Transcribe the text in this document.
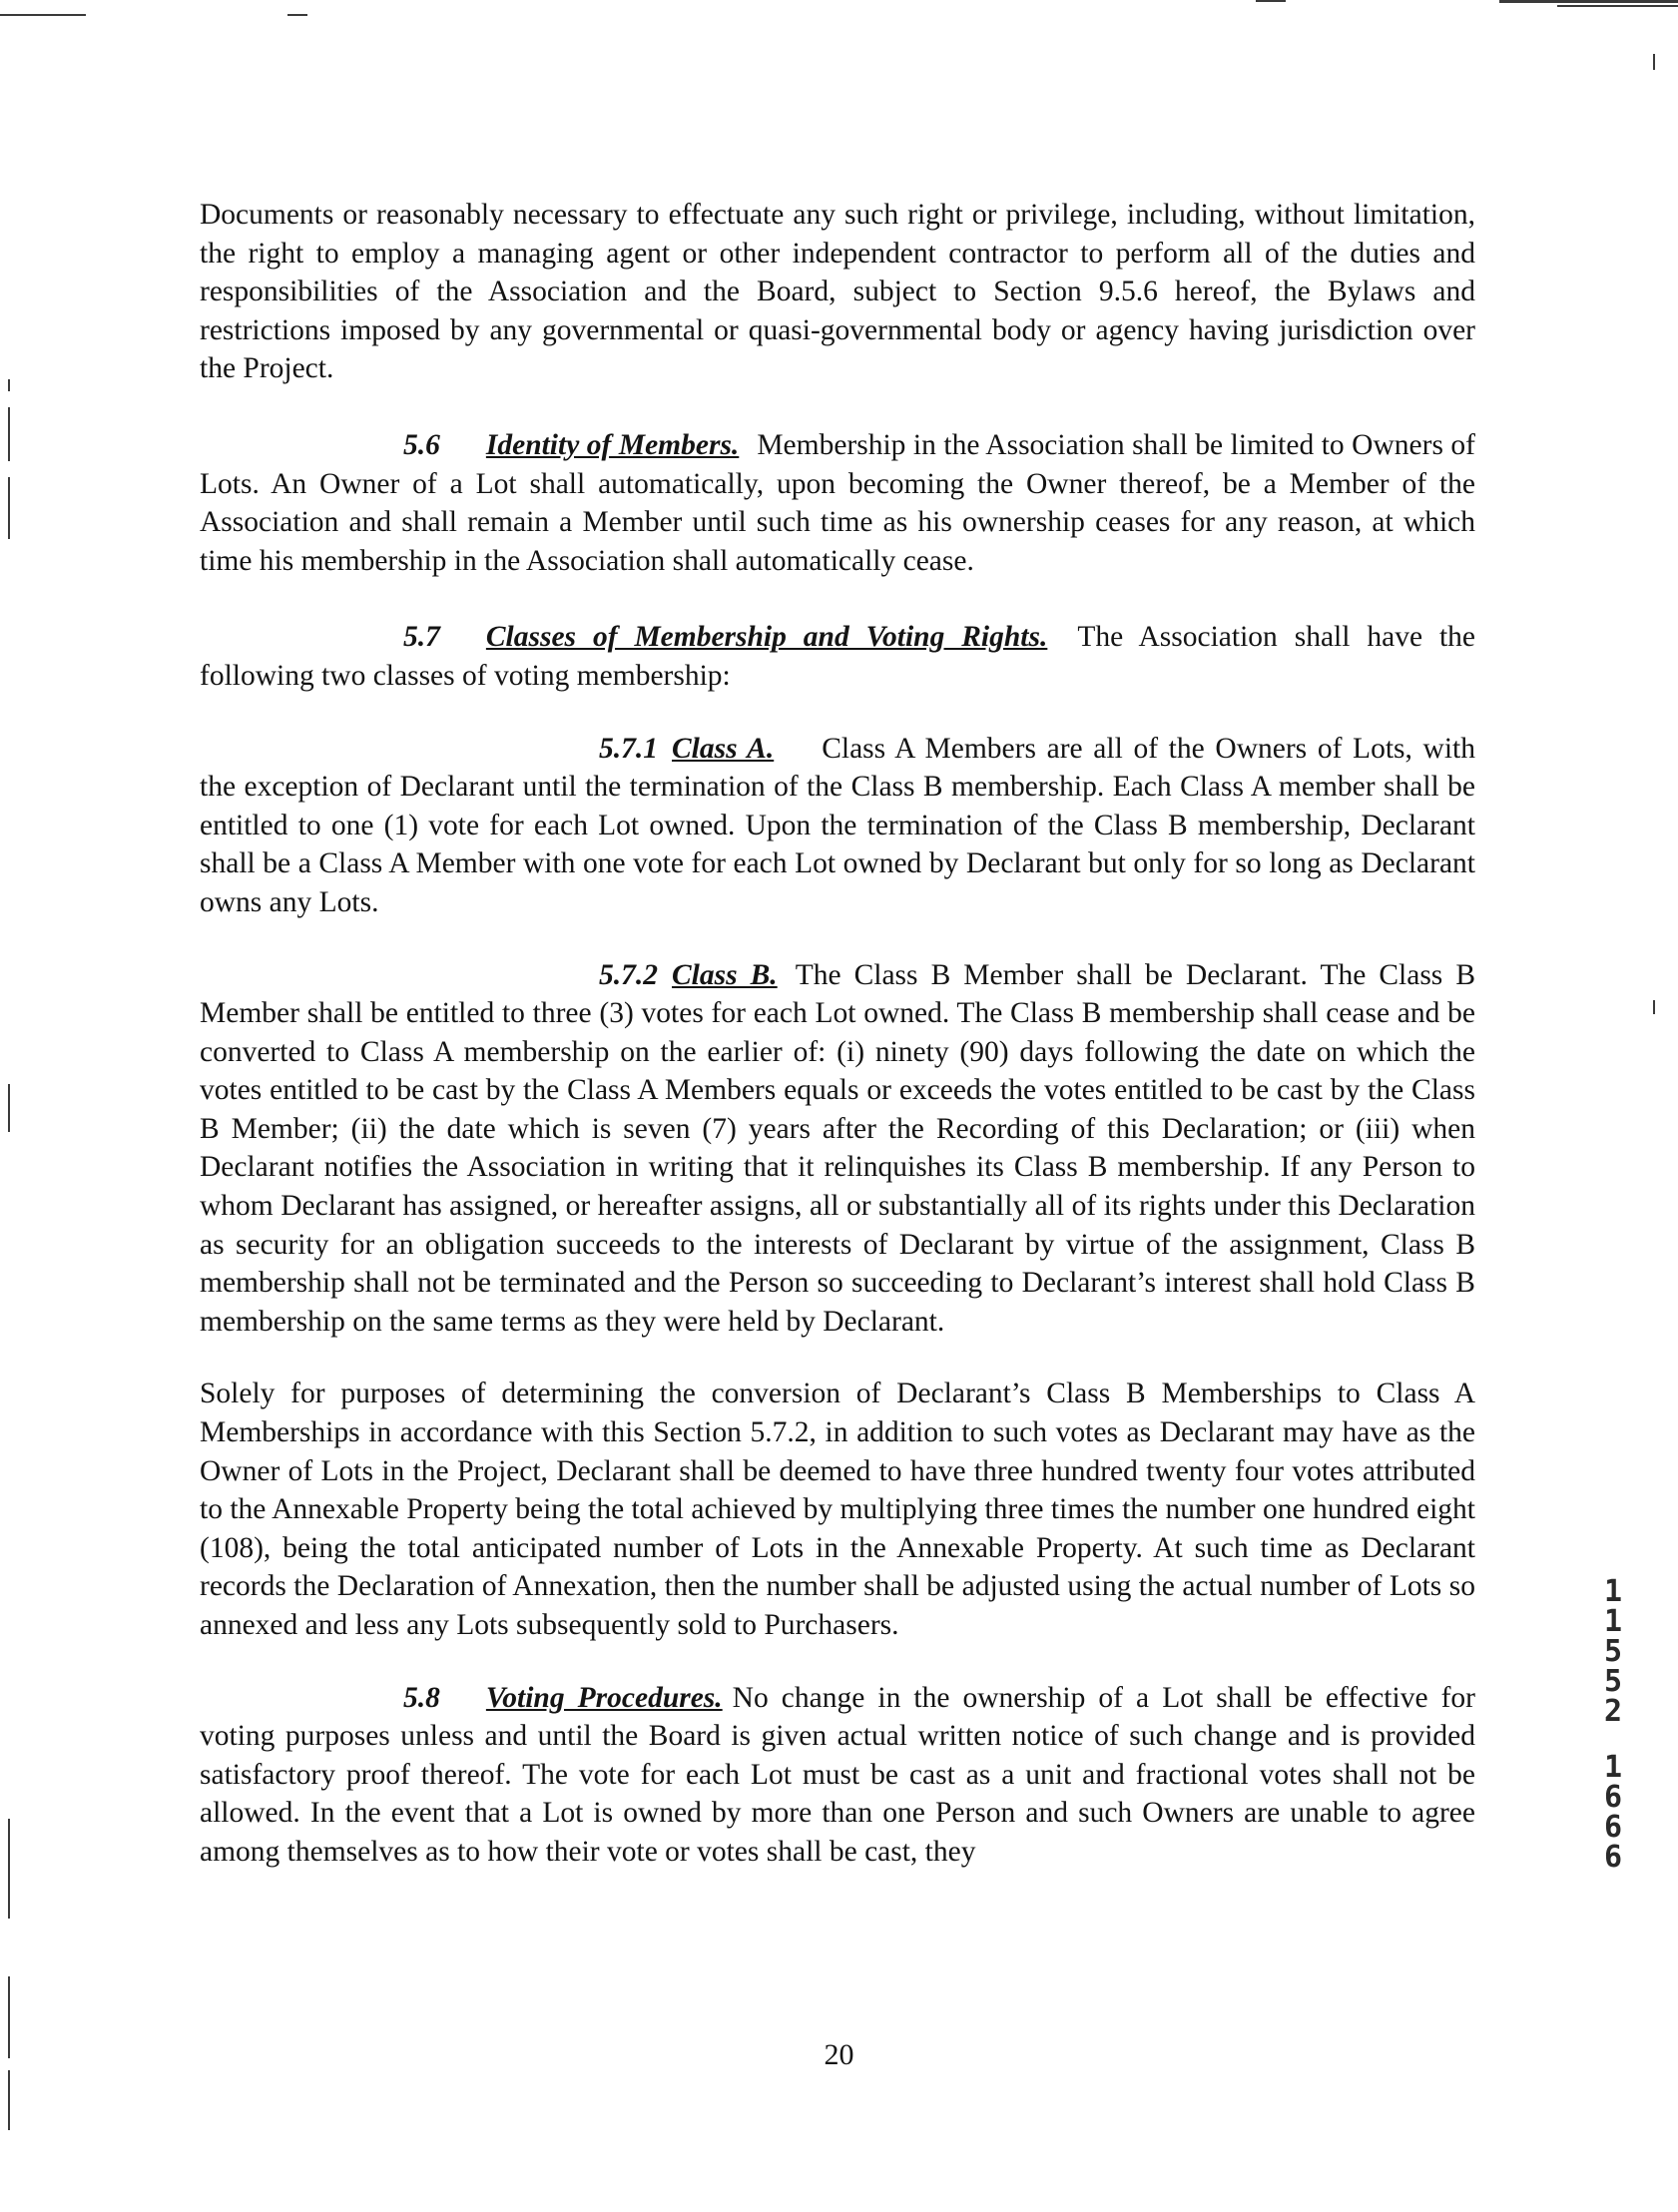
Documents or reasonably necessary to effectuate any such right or privilege, including, without limitation, the right to employ a managing agent or other independent contractor to perform all of the duties and responsibilities of the Association and the Board, subject to Section 9.5.6 hereof, the Bylaws and restrictions imposed by any governmental or quasi-governmental body or agency having jurisdiction over the Project.

5.6 Identity of Members. Membership in the Association shall be limited to Owners of Lots. An Owner of a Lot shall automatically, upon becoming the Owner thereof, be a Member of the Association and shall remain a Member until such time as his ownership ceases for any reason, at which time his membership in the Association shall automatically cease.

5.7 Classes of Membership and Voting Rights. The Association shall have the following two classes of voting membership:

5.7.1 Class A. Class A Members are all of the Owners of Lots, with the exception of Declarant until the termination of the Class B membership. Each Class A member shall be entitled to one (1) vote for each Lot owned. Upon the termination of the Class B membership, Declarant shall be a Class A Member with one vote for each Lot owned by Declarant but only for so long as Declarant owns any Lots.

5.7.2 Class B. The Class B Member shall be Declarant. The Class B Member shall be entitled to three (3) votes for each Lot owned. The Class B membership shall cease and be converted to Class A membership on the earlier of: (i) ninety (90) days following the date on which the votes entitled to be cast by the Class A Members equals or exceeds the votes entitled to be cast by the Class B Member; (ii) the date which is seven (7) years after the Recording of this Declaration; or (iii) when Declarant notifies the Association in writing that it relinquishes its Class B membership. If any Person to whom Declarant has assigned, or hereafter assigns, all or substantially all of its rights under this Declaration as security for an obligation succeeds to the interests of Declarant by virtue of the assignment, Class B membership shall not be terminated and the Person so succeeding to Declarant’s interest shall hold Class B membership on the same terms as they were held by Declarant.

Solely for purposes of determining the conversion of Declarant’s Class B Memberships to Class A Memberships in accordance with this Section 5.7.2, in addition to such votes as Declarant may have as the Owner of Lots in the Project, Declarant shall be deemed to have three hundred twenty four votes attributed to the Annexable Property being the total achieved by multiplying three times the number one hundred eight (108), being the total anticipated number of Lots in the Annexable Property. At such time as Declarant records the Declaration of Annexation, then the number shall be adjusted using the actual number of Lots so annexed and less any Lots subsequently sold to Purchasers.

5.8 Voting Procedures. No change in the ownership of a Lot shall be effective for voting purposes unless and until the Board is given actual written notice of such change and is provided satisfactory proof thereof. The vote for each Lot must be cast as a unit and fractional votes shall not be allowed. In the event that a Lot is owned by more than one Person and such Owners are unable to agree among themselves as to how their vote or votes shall be cast, they

20

1
1
5
5
2
1
6
6
6
